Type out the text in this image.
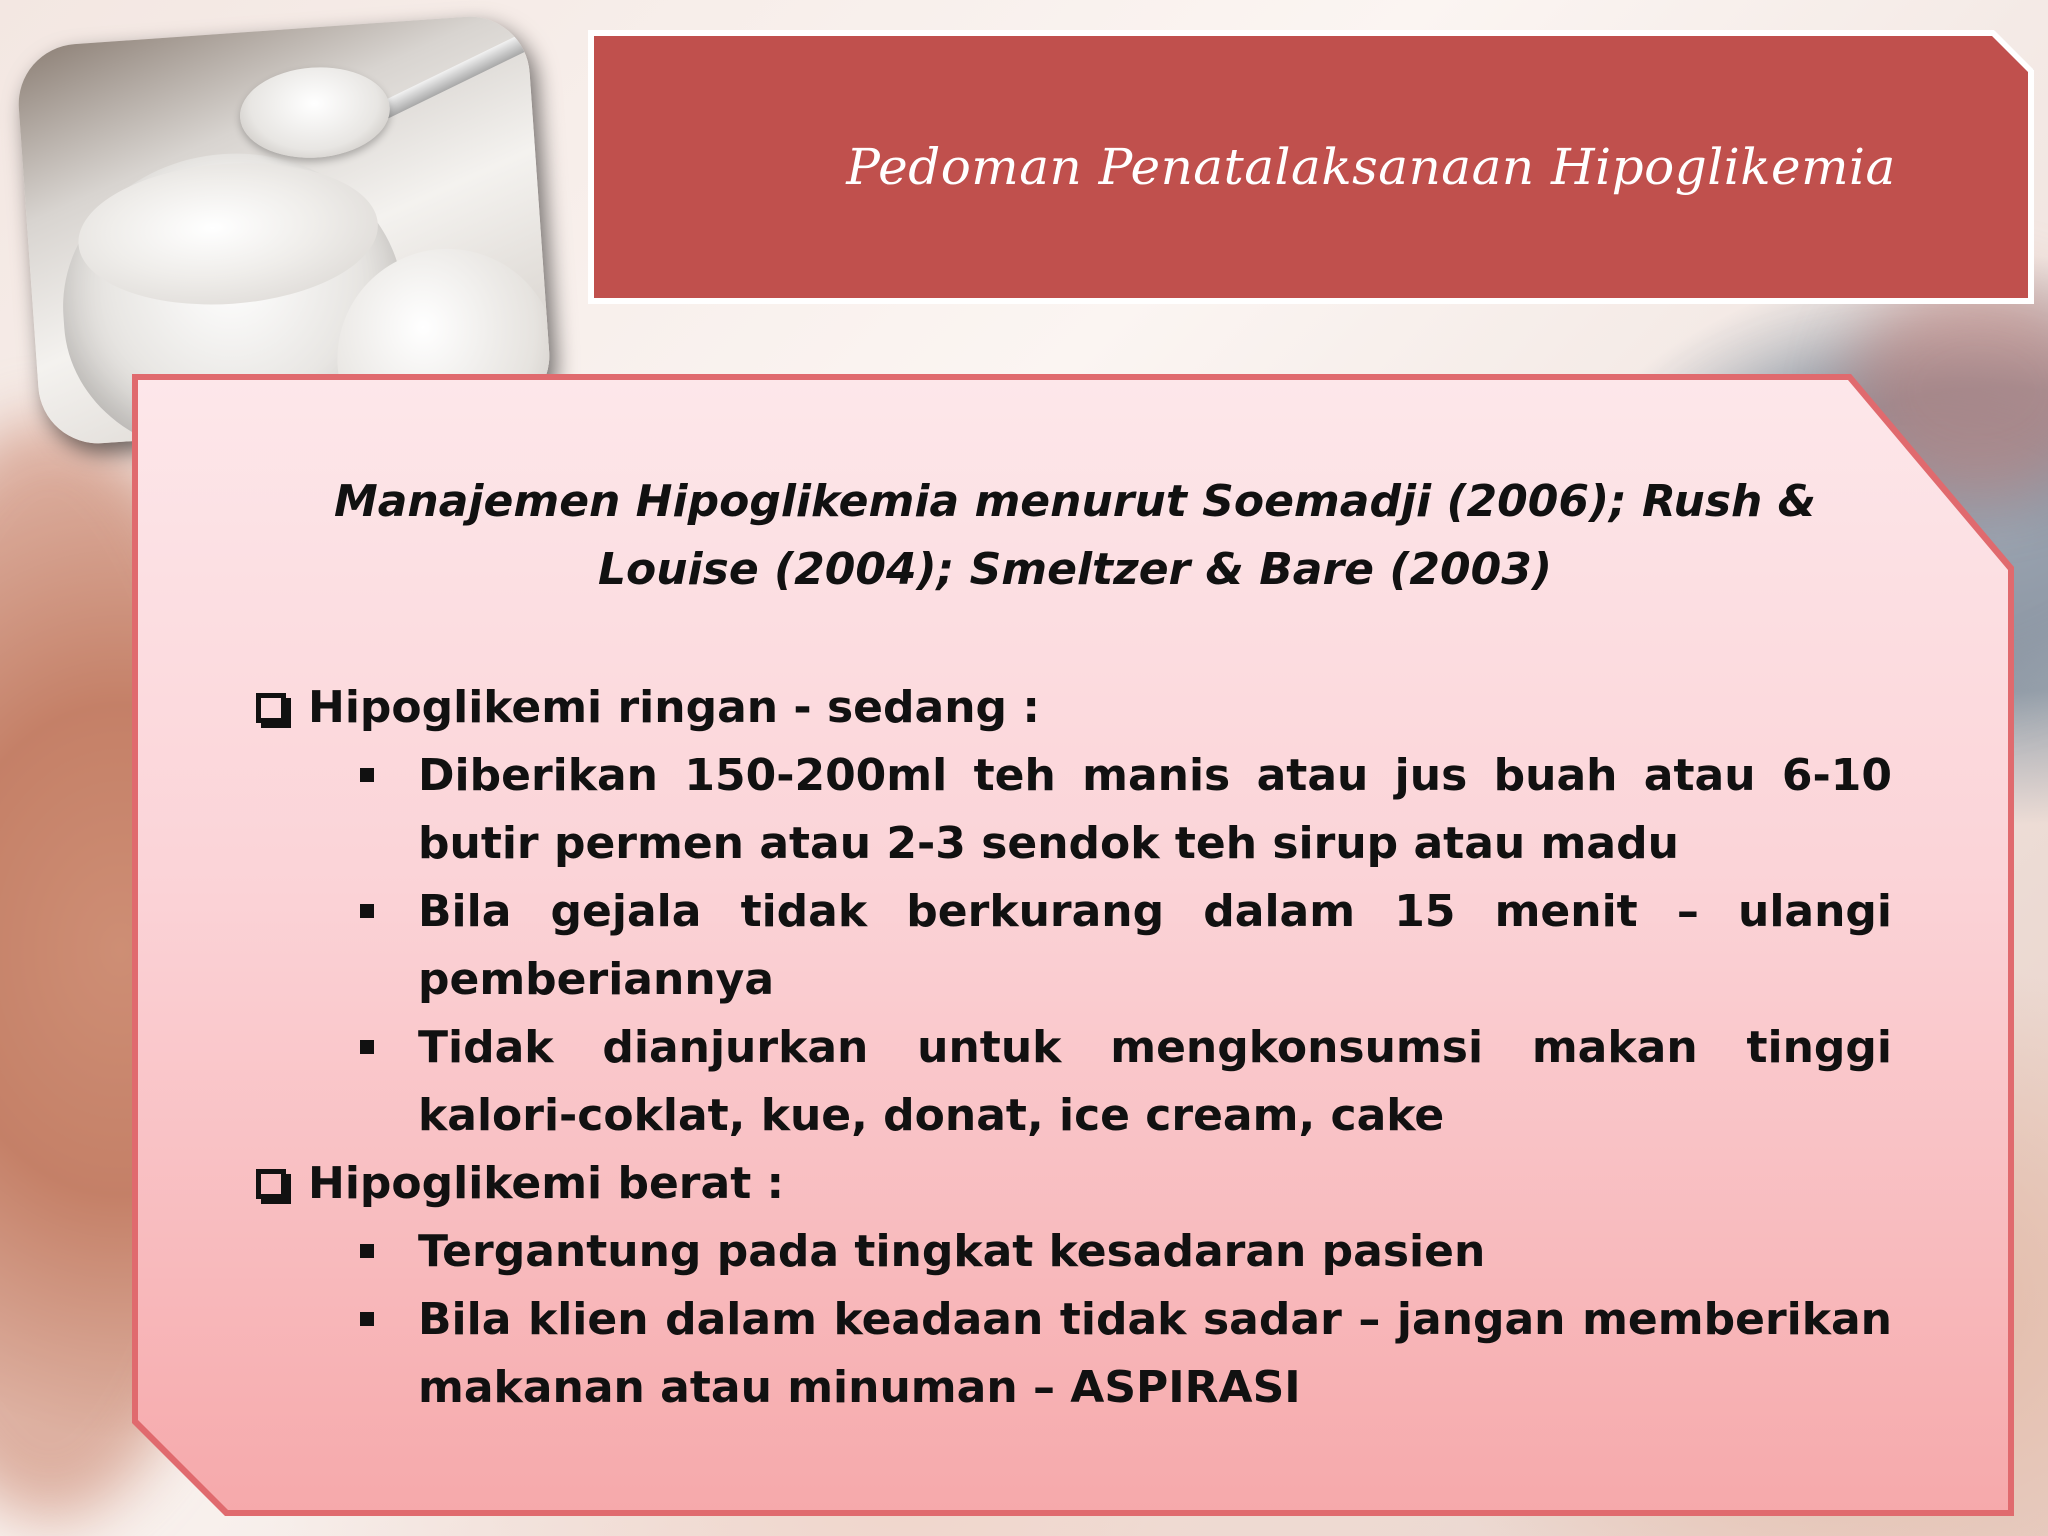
Pedoman Penatalaksanaan Hipoglikemia

Manajemen Hipoglikemia menurut Soemadji (2006); Rush & Louise (2004); Smeltzer & Bare (2003)

Hipoglikemi ringan - sedang :
Diberikan 150-200ml teh manis atau jus buah atau 6-10 butir permen atau 2-3 sendok teh sirup atau madu
Bila gejala tidak berkurang dalam 15 menit – ulangi pemberiannya
Tidak dianjurkan untuk mengkonsumsi makan tinggi kalori-coklat, kue, donat, ice cream, cake
Hipoglikemi berat :
Tergantung pada tingkat kesadaran pasien
Bila klien dalam keadaan tidak sadar – jangan memberikan makanan atau minuman – ASPIRASI
